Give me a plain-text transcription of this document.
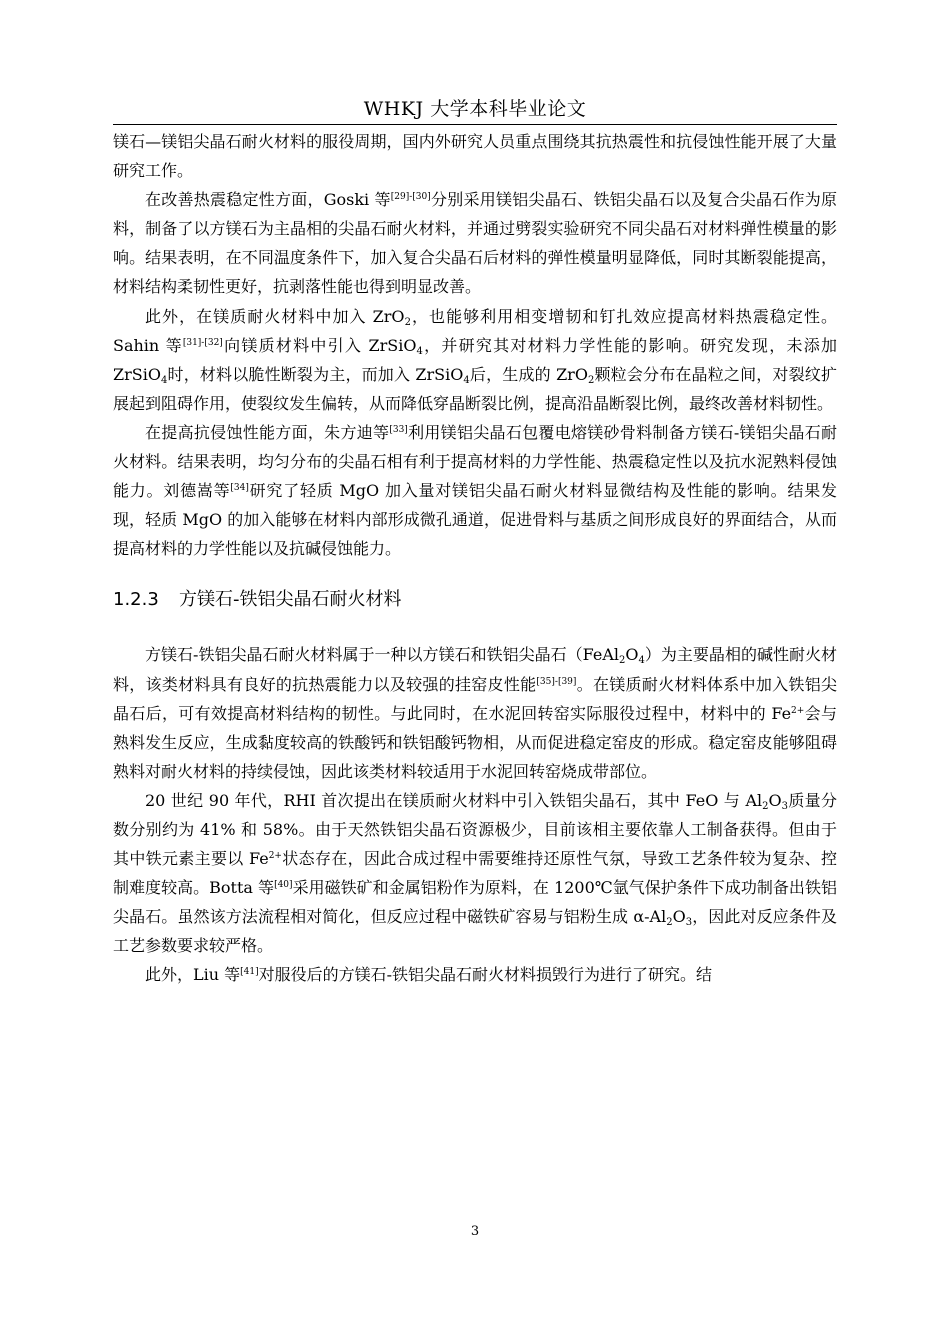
WHKJ 大学本科毕业论文

镁石—镁铝尖晶石耐火材料的服役周期，国内外研究人员重点围绕其抗热震性和抗侵蚀性能开展了大量研究工作。

在改善热震稳定性方面，Goski 等[29]-[30]分别采用镁铝尖晶石、铁铝尖晶石以及复合尖晶石作为原料，制备了以方镁石为主晶相的尖晶石耐火材料，并通过劈裂实验研究不同尖晶石对材料弹性模量的影响。结果表明，在不同温度条件下，加入复合尖晶石后材料的弹性模量明显降低，同时其断裂能提高，材料结构柔韧性更好，抗剥落性能也得到明显改善。

此外，在镁质耐火材料中加入 ZrO$_2$，也能够利用相变增韧和钉扎效应提高材料热震稳定性。Sahin 等[31]-[32]向镁质材料中引入 ZrSiO$_4$，并研究其对材料力学性能的影响。研究发现，未添加 ZrSiO$_4$时，材料以脆性断裂为主，而加入 ZrSiO$_4$后，生成的 ZrO$_2$颗粒会分布在晶粒之间，对裂纹扩展起到阻碍作用，使裂纹发生偏转，从而降低穿晶断裂比例，提高沿晶断裂比例，最终改善材料韧性。

在提高抗侵蚀性能方面，朱方迪等[33]利用镁铝尖晶石包覆电熔镁砂骨料制备方镁石-镁铝尖晶石耐火材料。结果表明，均匀分布的尖晶石相有利于提高材料的力学性能、热震稳定性以及抗水泥熟料侵蚀能力。刘德嵩等[34]研究了轻质 MgO 加入量对镁铝尖晶石耐火材料显微结构及性能的影响。结果发现，轻质 MgO 的加入能够在材料内部形成微孔通道，促进骨料与基质之间形成良好的界面结合，从而提高材料的力学性能以及抗碱侵蚀能力。

1.2.3 方镁石-铁铝尖晶石耐火材料

方镁石-铁铝尖晶石耐火材料属于一种以方镁石和铁铝尖晶石$(FeAl_2O_4)$为主要晶相的碱性耐火材料，该类材料具有良好的抗热震能力以及较强的挂窑皮性能[35]-[39]。在镁质耐火材料体系中加入铁铝尖晶石后，可有效提高材料结构的韧性。与此同时，在水泥回转窑实际服役过程中，材料中的 $Fe^{2+}$会与熟料发生反应，生成黏度较高的铁酸钙和铁铝酸钙物相，从而促进稳定窑皮的形成。稳定窑皮能够阻碍熟料对耐火材料的持续侵蚀，因此该类材料较适用于水泥回转窑烧成带部位。

20 世纪 90 年代，RHI 首次提出在镁质耐火材料中引入铁铝尖晶石，其中 FeO 与 $Al_2O_3$质量分数分别约为 41% 和 58%。由于天然铁铝尖晶石资源极少，目前该相主要依靠人工制备获得。但由于其中铁元素主要以 $Fe^{2+}$状态存在，因此合成过程中需要维持还原性气氛，导致工艺条件较为复杂、控制难度较高。Botta 等[40]采用磁铁矿和金属铝粉作为原料，在 1200℃氩气保护条件下成功制备出铁铝尖晶石。虽然该方法流程相对简化，但反应过程中磁铁矿容易与铝粉生成 $\alpha-Al_2O_3$，因此对反应条件及工艺参数要求较严格。

此外，Liu 等[41]对服役后的方镁石-铁铝尖晶石耐火材料损毁行为进行了研究。结

3
